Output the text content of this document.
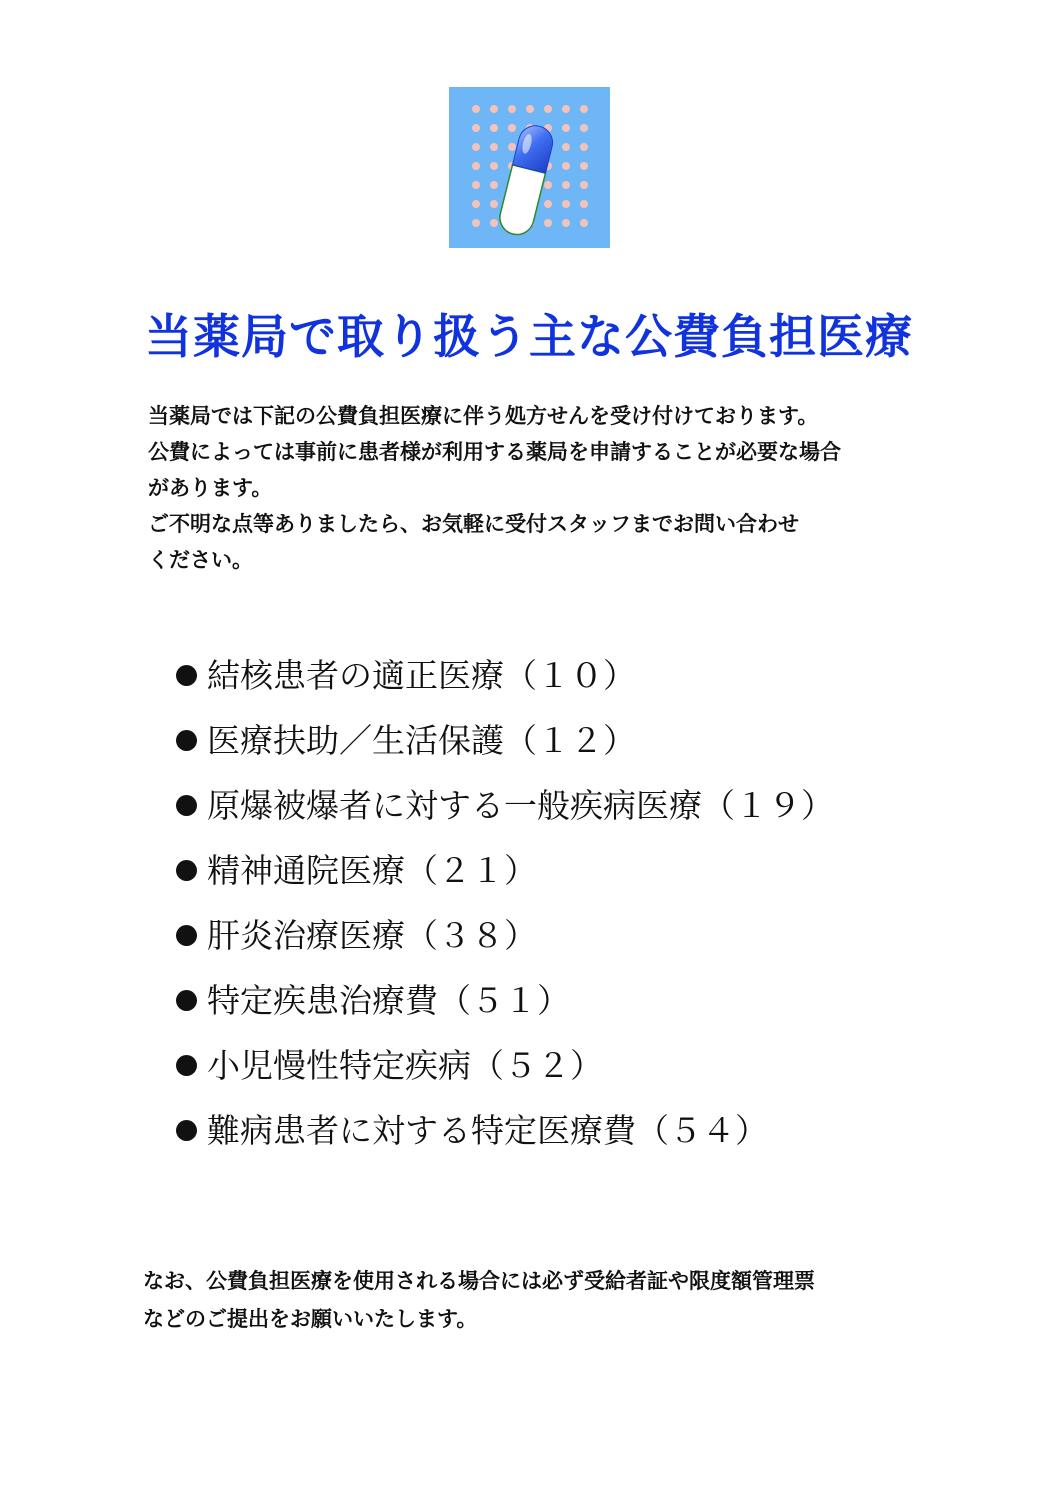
当薬局で取り扱う主な公費負担医療

当薬局では下記の公費負担医療に伴う処方せんを受け付けております。

公費によっては事前に患者様が利用する薬局を申請することが必要な場合

があります。

ご不明な点等ありましたら、お気軽に受付スタッフまでお問い合わせ

ください。

結核患者の適正医療（１０）
医療扶助／生活保護（１２）
原爆被爆者に対する一般疾病医療（１９）
精神通院医療（２１）
肝炎治療医療（３８）
特定疾患治療費（５１）
小児慢性特定疾病（５２）
難病患者に対する特定医療費（５４）

なお、公費負担医療を使用される場合には必ず受給者証や限度額管理票

などのご提出をお願いいたします。
